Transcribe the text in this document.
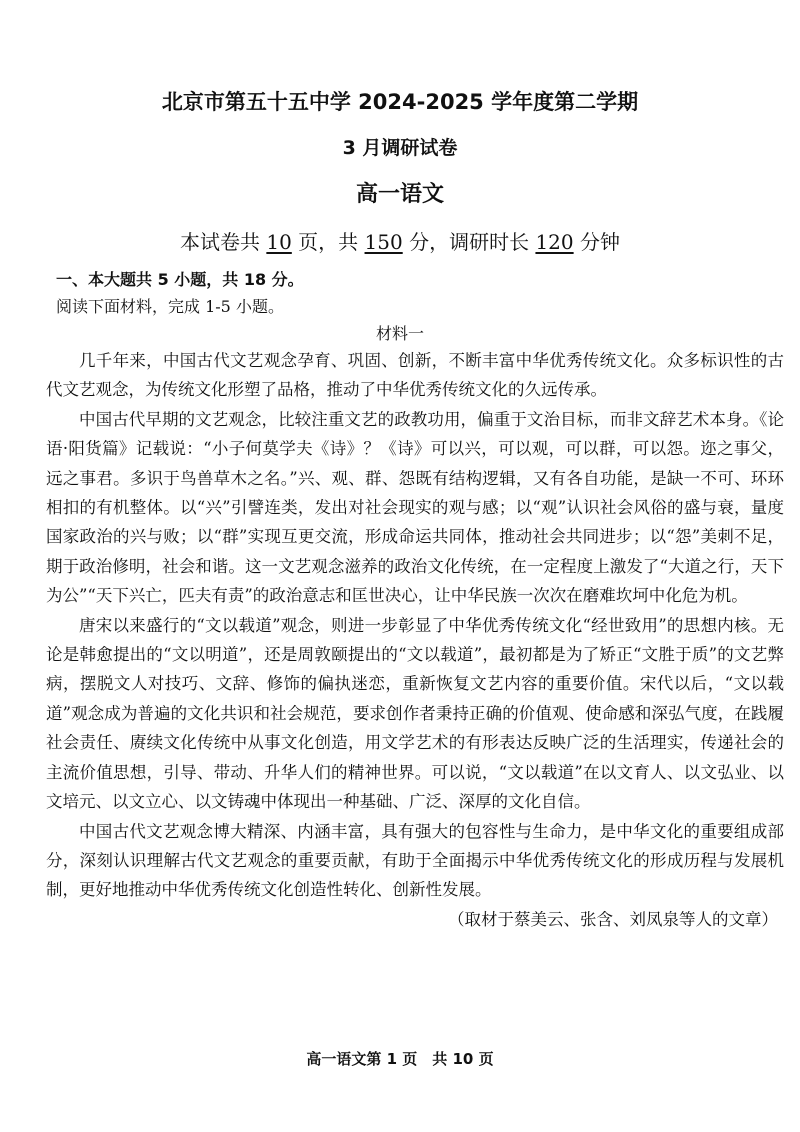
北京市第五十五中学 2024-2025 学年度第二学期
3 月调研试卷
高一语文
本试卷共 10 页，共 150 分，调研时长 120 分钟
一、本大题共 5 小题，共 18 分。
阅读下面材料，完成 1-5 小题。
材料一

几千年来，中国古代文艺观念孕育、巩固、创新，不断丰富中华优秀传统文化。众多标识性的古代文艺观念，为传统文化形塑了品格，推动了中华优秀传统文化的久远传承。

中国古代早期的文艺观念，比较注重文艺的政教功用，偏重于文治目标，而非文辞艺术本身。《论语·阳货篇》记载说：“小子何莫学夫《诗》？《诗》可以兴，可以观，可以群，可以怨。迩之事父，远之事君。多识于鸟兽草木之名。”兴、观、群、怨既有结构逻辑，又有各自功能，是缺一不可、环环相扣的有机整体。以“兴”引譬连类，发出对社会现实的观与感；以“观”认识社会风俗的盛与衰，量度国家政治的兴与败；以“群”实现互更交流，形成命运共同体，推动社会共同进步；以“怨”美刺不足，期于政治修明，社会和谐。这一文艺观念滋养的政治文化传统，在一定程度上激发了“大道之行，天下为公”“天下兴亡，匹夫有责”的政治意志和匡世决心，让中华民族一次次在磨难坎坷中化危为机。

唐宋以来盛行的“文以载道”观念，则进一步彰显了中华优秀传统文化“经世致用”的思想内核。无论是韩愈提出的“文以明道”，还是周敦颐提出的“文以载道”，最初都是为了矫正“文胜于质”的文艺弊病，摆脱文人对技巧、文辞、修饰的偏执迷恋，重新恢复文艺内容的重要价值。宋代以后，“文以载道”观念成为普遍的文化共识和社会规范，要求创作者秉持正确的价值观、使命感和深弘气度，在践履社会责任、赓续文化传统中从事文化创造，用文学艺术的有形表达反映广泛的生活理实，传递社会的主流价值思想，引导、带动、升华人们的精神世界。可以说，“文以载道”在以文育人、以文弘业、以文培元、以文立心、以文铸魂中体现出一种基础、广泛、深厚的文化自信。

中国古代文艺观念博大精深、内涵丰富，具有强大的包容性与生命力，是中华文化的重要组成部分，深刻认识理解古代文艺观念的重要贡献，有助于全面揭示中华优秀传统文化的形成历程与发展机制，更好地推动中华优秀传统文化创造性转化、创新性发展。

（取材于蔡美云、张含、刘凤泉等人的文章）

高一语文第 1 页　共 10 页
